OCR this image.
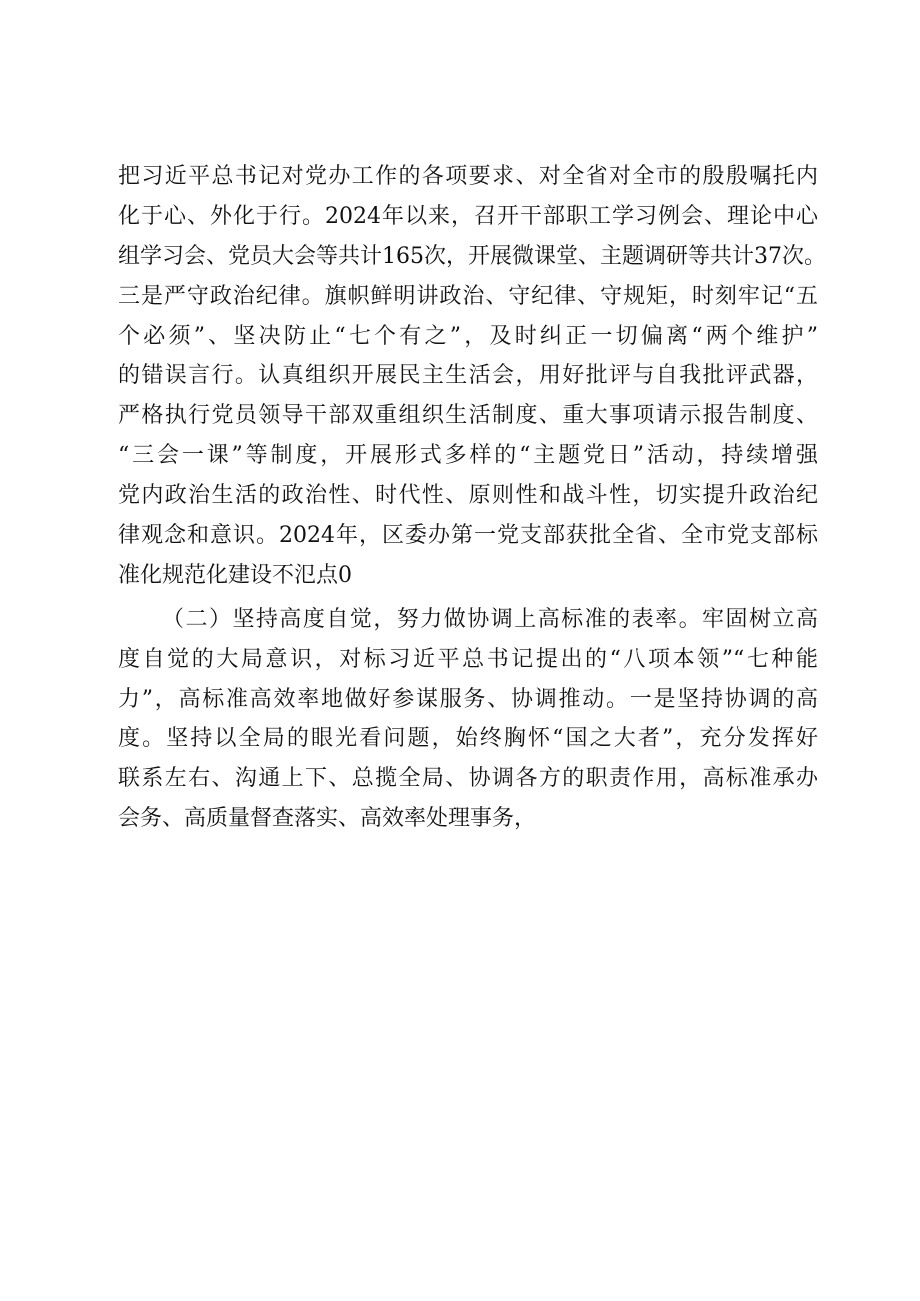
把习近平总书记对党办工作的各项要求、对全省对全市的殷殷嘱托内
化于心、外化于行。2024年以来，召开干部职工学习例会、理论中心
组学习会、党员大会等共计165次，开展微课堂、主题调研等共计37次。
三是严守政治纪律。旗帜鲜明讲政治、守纪律、守规矩，时刻牢记“五
个必须”、坚决防止“七个有之”，及时纠正一切偏离“两个维护”
的错误言行。认真组织开展民主生活会，用好批评与自我批评武器，
严格执行党员领导干部双重组织生活制度、重大事项请示报告制度、
“三会一课”等制度，开展形式多样的“主题党日”活动，持续增强
党内政治生活的政治性、时代性、原则性和战斗性，切实提升政治纪
律观念和意识。2024年，区委办第一党支部获批全省、全市党支部标
准化规范化建设不氾点0
（二）坚持高度自觉，努力做协调上高标准的表率。牢固树立高
度自觉的大局意识，对标习近平总书记提出的“八项本领”“七种能
力”，高标准高效率地做好参谋服务、协调推动。一是坚持协调的高
度。坚持以全局的眼光看问题，始终胸怀“国之大者”，充分发挥好
联系左右、沟通上下、总揽全局、协调各方的职责作用，高标准承办
会务、高质量督查落实、高效率处理事务，
